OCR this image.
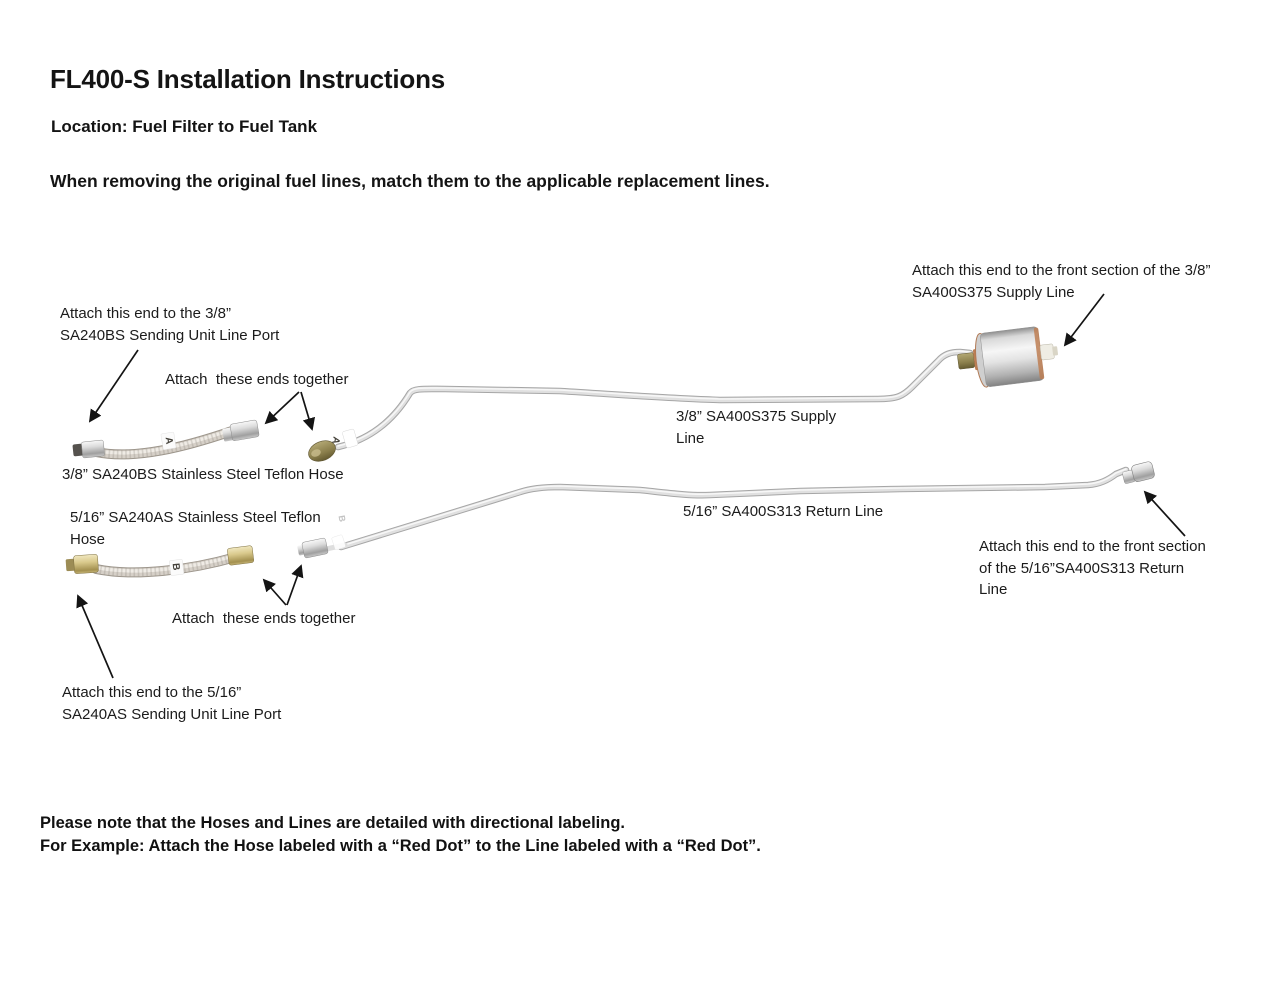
A
A
B
B
FL400-S Installation Instructions
Location: Fuel Filter to Fuel Tank
When removing the original fuel lines, match them to the applicable replacement lines.
Attach this end to the front section of the 3/8” SA400S375 Supply Line
Attach this end to the 3/8” SA240BS Sending Unit Line Port
Attach  these ends together
3/8” SA240BS Stainless Steel Teflon Hose
3/8” SA400S375 Supply Line
5/16” SA240AS Stainless Steel Teflon Hose
5/16” SA400S313 Return Line
Attach  these ends together
Attach this end to the front section of the 5/16”SA400S313 Return Line
Attach this end to the 5/16” SA240AS Sending Unit Line Port
Please note that the Hoses and Lines are detailed with directional labeling.
For Example: Attach the Hose labeled with a “Red Dot” to the Line labeled with a “Red Dot”.
